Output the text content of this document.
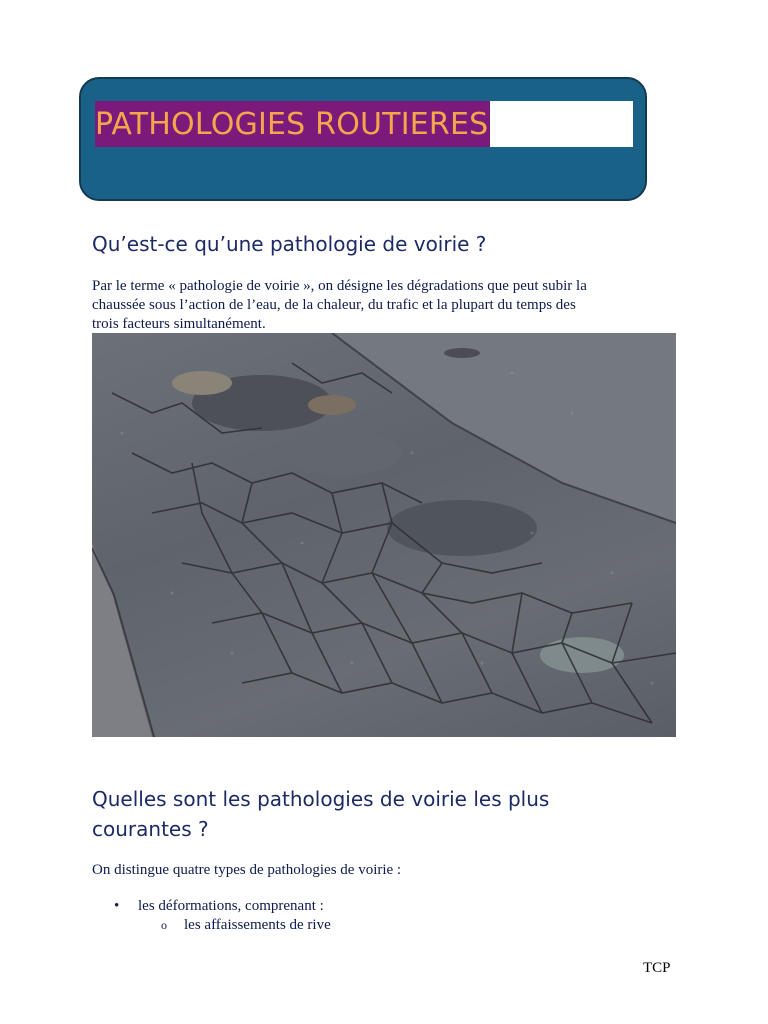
PATHOLOGIES ROUTIERES
Qu’est-ce qu’une pathologie de voirie ?

Par le terme « pathologie de voirie », on désigne les dégradations que peut subir la

chaussée sous l’action de l’eau, de la chaleur, du trafic et la plupart du temps des

trois facteurs simultanément.

Quelles sont les pathologies de voirie les plus
courantes ?

On distingue quatre types de pathologies de voirie :

• les déformations, comprenant :
o les affaissements de rive
TCP
